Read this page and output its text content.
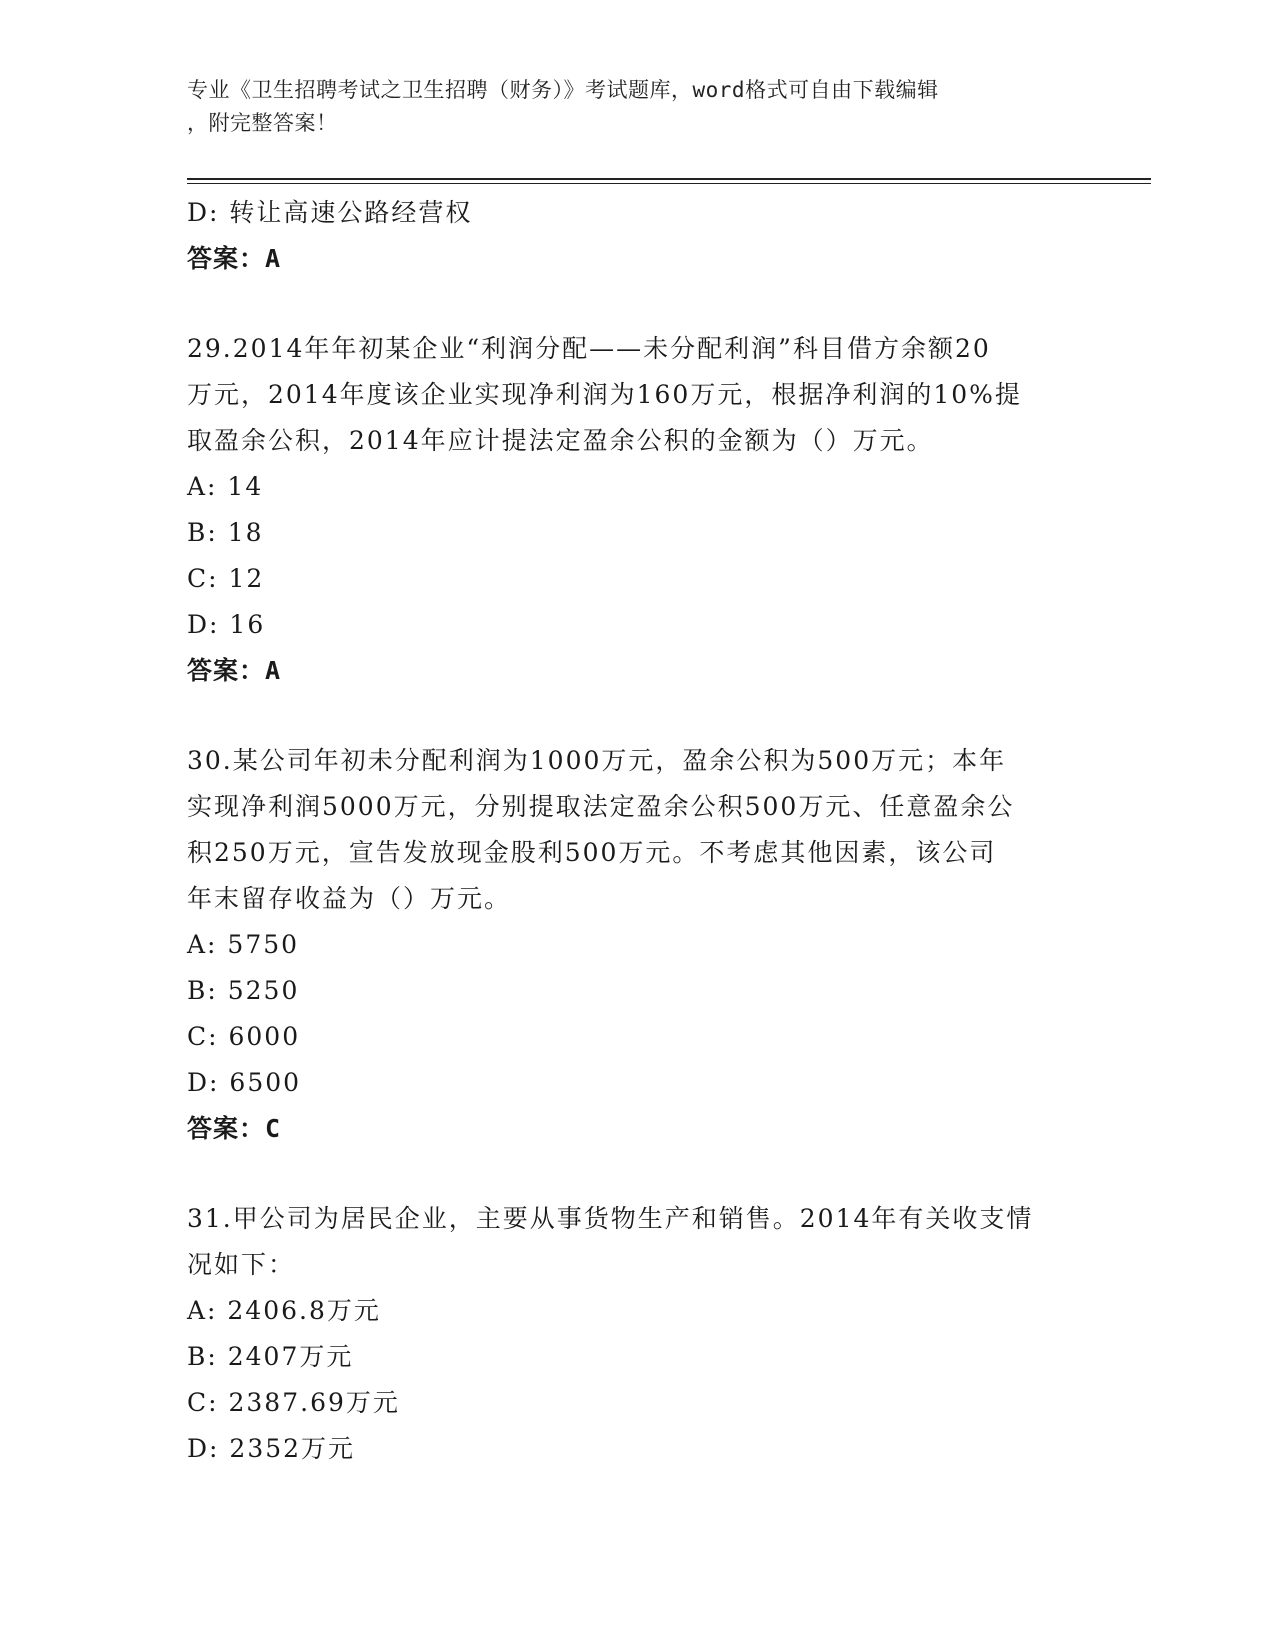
专业《卫生招聘考试之卫生招聘（财务）》考试题库，word格式可自由下载编辑
，附完整答案！
D: 转让高速公路经营权
答案：A
29.2014年年初某企业“利润分配——未分配利润”科目借方余额20
万元，2014年度该企业实现净利润为160万元，根据净利润的10%提
取盈余公积，2014年应计提法定盈余公积的金额为（）万元。
A: 14
B: 18
C: 12
D: 16
答案：A
30.某公司年初未分配利润为1000万元，盈余公积为500万元；本年
实现净利润5000万元，分别提取法定盈余公积500万元、任意盈余公
积250万元，宣告发放现金股利500万元。不考虑其他因素，该公司
年末留存收益为（）万元。
A: 5750
B: 5250
C: 6000
D: 6500
答案：C
31.甲公司为居民企业，主要从事货物生产和销售。2014年有关收支情
况如下：
A: 2406.8万元
B: 2407万元
C: 2387.69万元
D: 2352万元
